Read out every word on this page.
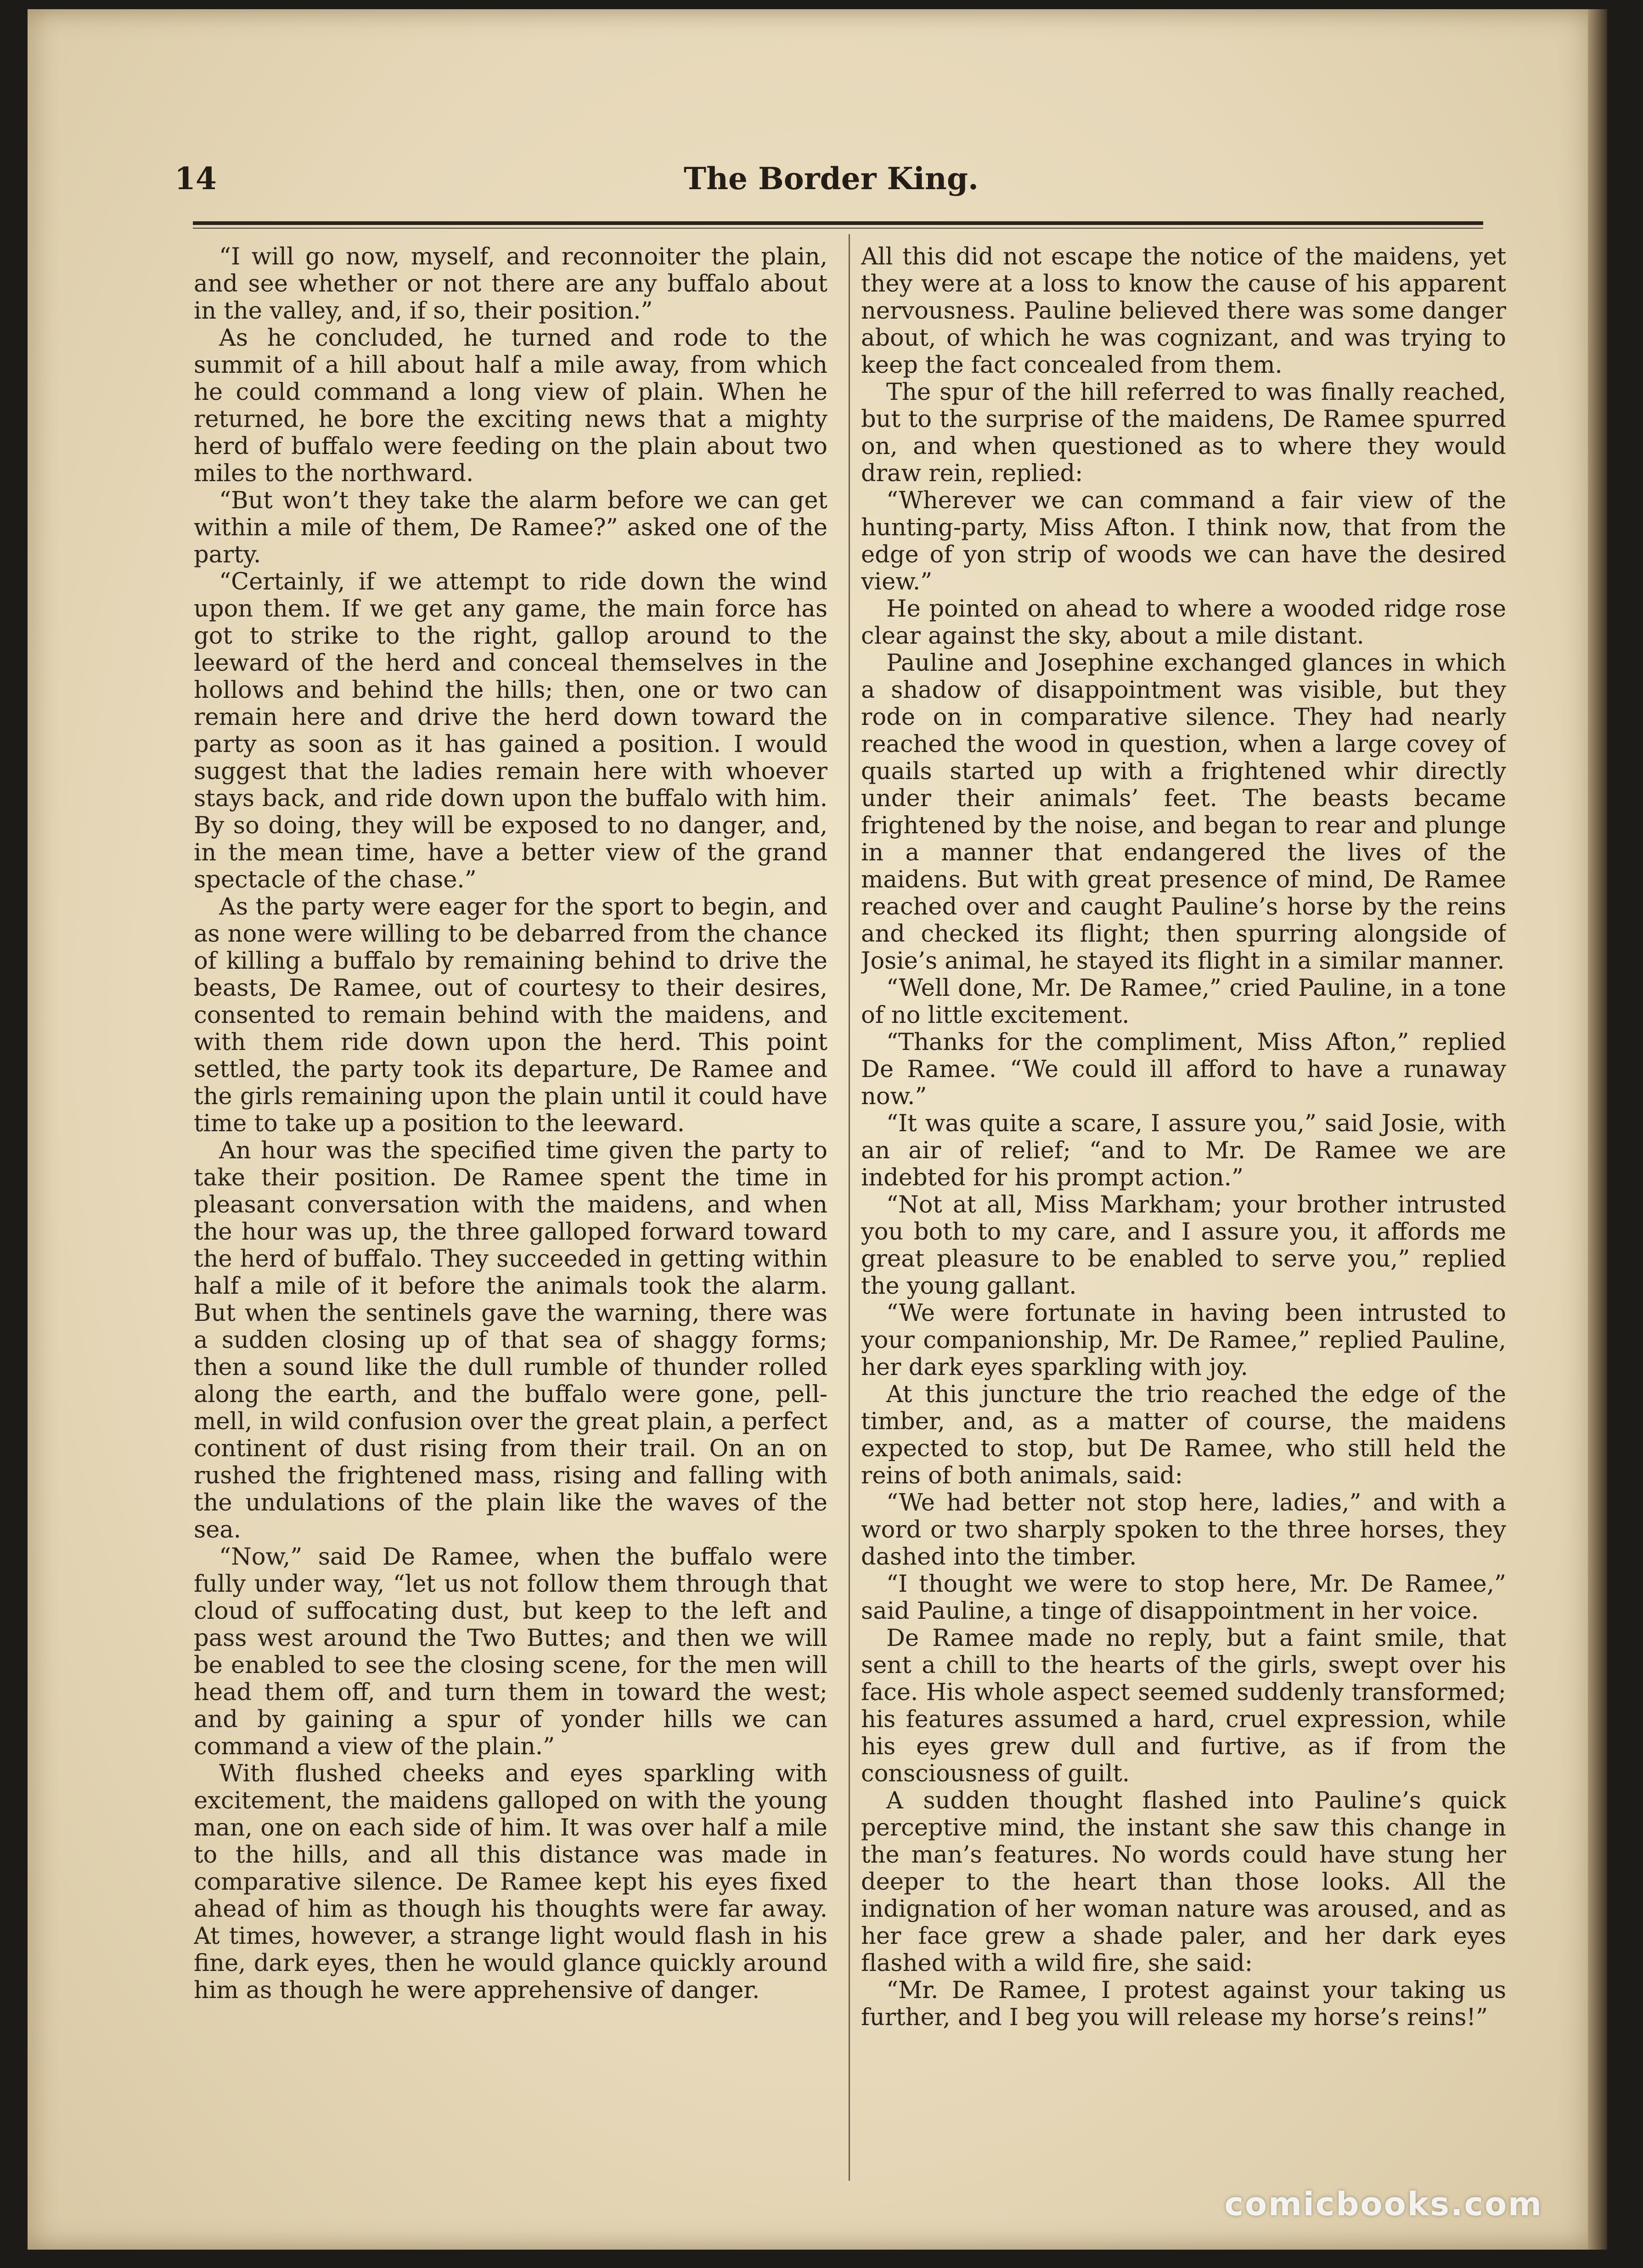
14	The Border King.

“I will go now, myself, and reconnoiter the plain, and see whether or not there are any buffalo about in the valley, and, if so, their position.”

As he concluded, he turned and rode to the summit of a hill about half a mile away, from which he could command a long view of plain. When he returned, he bore the exciting news that a mighty herd of buffalo were feeding on the plain about two miles to the northward.

“But won’t they take the alarm before we can get within a mile of them, De Ramee?” asked one of the party.

“Certainly, if we attempt to ride down the wind upon them. If we get any game, the main force has got to strike to the right, gallop around to the leeward of the herd and conceal themselves in the hollows and behind the hills; then, one or two can remain here and drive the herd down toward the party as soon as it has gained a position. I would suggest that the ladies remain here with whoever stays back, and ride down upon the buffalo with him. By so doing, they will be exposed to no danger, and, in the mean time, have a better view of the grand spectacle of the chase.”

As the party were eager for the sport to begin, and as none were willing to be debarred from the chance of killing a buffalo by remaining behind to drive the beasts, De Ramee, out of courtesy to their desires, consented to remain behind with the maidens, and with them ride down upon the herd. This point settled, the party took its departure, De Ramee and the girls remaining upon the plain until it could have time to take up a position to the leeward.

An hour was the specified time given the party to take their position. De Ramee spent the time in pleasant conversation with the maidens, and when the hour was up, the three galloped forward toward the herd of buffalo. They succeeded in getting within half a mile of it before the animals took the alarm. But when the sentinels gave the warning, there was a sudden closing up of that sea of shaggy forms; then a sound like the dull rumble of thunder rolled along the earth, and the buffalo were gone, pell-mell, in wild confusion over the great plain, a perfect continent of dust rising from their trail. On an on rushed the frightened mass, rising and falling with the undulations of the plain like the waves of the sea.

“Now,” said De Ramee, when the buffalo were fully under way, “let us not follow them through that cloud of suffocating dust, but keep to the left and pass west around the Two Buttes; and then we will be enabled to see the closing scene, for the men will head them off, and turn them in toward the west; and by gaining a spur of yonder hills we can command a view of the plain.”

With flushed cheeks and eyes sparkling with excitement, the maidens galloped on with the young man, one on each side of him. It was over half a mile to the hills, and all this distance was made in comparative silence. De Ramee kept his eyes fixed ahead of him as though his thoughts were far away. At times, however, a strange light would flash in his fine, dark eyes, then he would glance quickly around him as though he were apprehensive of danger.

All this did not escape the notice of the maidens, yet they were at a loss to know the cause of his apparent nervousness. Pauline believed there was some danger about, of which he was cognizant, and was trying to keep the fact concealed from them.

The spur of the hill referred to was finally reached, but to the surprise of the maidens, De Ramee spurred on, and when questioned as to where they would draw rein, replied:

“Wherever we can command a fair view of the hunting-party, Miss Afton. I think now, that from the edge of yon strip of woods we can have the desired view.”

He pointed on ahead to where a wooded ridge rose clear against the sky, about a mile distant.

Pauline and Josephine exchanged glances in which a shadow of disappointment was visible, but they rode on in comparative silence. They had nearly reached the wood in question, when a large covey of quails started up with a frightened whir directly under their animals’ feet. The beasts became frightened by the noise, and began to rear and plunge in a manner that endangered the lives of the maidens. But with great presence of mind, De Ramee reached over and caught Pauline’s horse by the reins and checked its flight; then spurring alongside of Josie’s animal, he stayed its flight in a similar manner.

“Well done, Mr. De Ramee,” cried Pauline, in a tone of no little excitement.

“Thanks for the compliment, Miss Afton,” replied De Ramee. “We could ill afford to have a runaway now.”

“It was quite a scare, I assure you,” said Josie, with an air of relief; “and to Mr. De Ramee we are indebted for his prompt action.”

“Not at all, Miss Markham; your brother intrusted you both to my care, and I assure you, it affords me great pleasure to be enabled to serve you,” replied the young gallant.

“We were fortunate in having been intrusted to your companionship, Mr. De Ramee,” replied Pauline, her dark eyes sparkling with joy.

At this juncture the trio reached the edge of the timber, and, as a matter of course, the maidens expected to stop, but De Ramee, who still held the reins of both animals, said:

“We had better not stop here, ladies,” and with a word or two sharply spoken to the three horses, they dashed into the timber.

“I thought we were to stop here, Mr. De Ramee,” said Pauline, a tinge of disappointment in her voice.

De Ramee made no reply, but a faint smile, that sent a chill to the hearts of the girls, swept over his face. His whole aspect seemed suddenly transformed; his features assumed a hard, cruel expression, while his eyes grew dull and furtive, as if from the consciousness of guilt.

A sudden thought flashed into Pauline’s quick perceptive mind, the instant she saw this change in the man’s features. No words could have stung her deeper to the heart than those looks. All the indignation of her woman nature was aroused, and as her face grew a shade paler, and her dark eyes flashed with a wild fire, she said:

“Mr. De Ramee, I protest against your taking us further, and I beg you will release my horse’s reins!”

comicbooks.com
